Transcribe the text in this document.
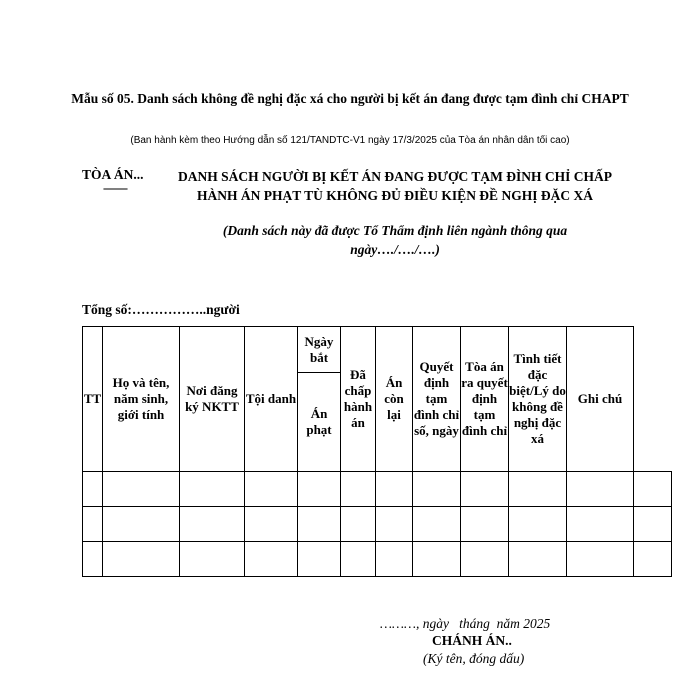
Mẫu số 05. Danh sách không đề nghị đặc xá cho người bị kết án đang được tạm đình chỉ CHAPT
(Ban hành kèm theo Hướng dẫn số 121/TANDTC-V1 ngày 17/3/2025 của Tòa án nhân dân tối cao)
TÒA ÁN...
--------
DANH SÁCH NGƯỜI BỊ KẾT ÁN ĐANG ĐƯỢC TẠM ĐÌNH CHỈ CHẤP HÀNH ÁN PHẠT TÙ KHÔNG ĐỦ ĐIỀU KIỆN ĐỀ NGHỊ ĐẶC XÁ
(Danh sách này đã được Tổ Thẩm định liên ngành thông qua ngày…./…./….)
Tổng số:……………..người
TT	Họ và tên, năm sinh, giới tính	Nơi đăng ký NKTT	Tội danh	Ngày bắt	Đã chấp hành án	Án còn lại	Quyết định tạm đình chỉ số, ngày	Tòa án ra quyết định tạm đình chỉ	Tình tiết đặc biệt/Lý do không đề nghị đặc xá	Ghi chú	
				Án phạt							

………, ngày   tháng  năm 2025
CHÁNH ÁN..
(Ký tên, đóng dấu)
